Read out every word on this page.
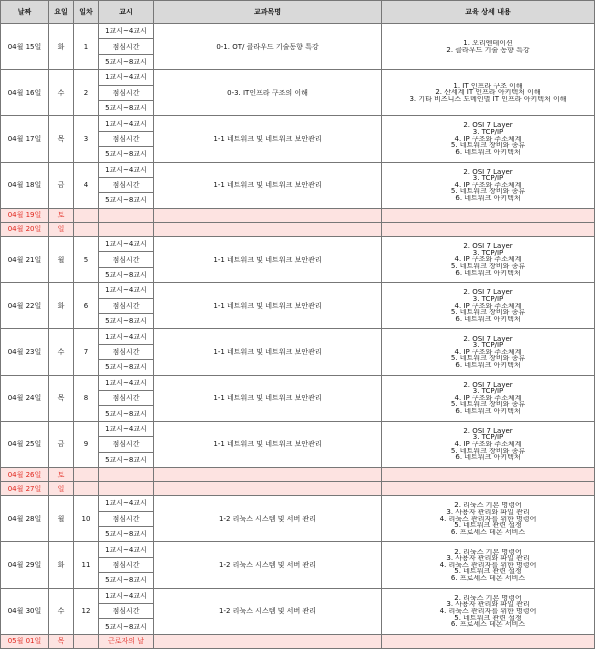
날짜	요일	일차	교시	교과목명	교육 상세 내용
04월 15일	화	1	1교시~4교시	0-1. OT/ 클라우드 기술동향 특강	1. 오리엔테이션
2. 클라우드 기술 동향 특강

			점심시간		
			5교시~8교시		
04월 16일	수	2	1교시~4교시	0-3. IT인프라 구조의 이해	1. IT 인프라 구조 이해
2. 산세계 IT 인프라 아키텍처 이해
3. 기타 비즈니스 도메인별 IT 인프라 아키텍처 이해

			점심시간		
			5교시~8교시		
04월 17일	목	3	1교시~4교시	1-1 네트워크 및 네트워크 보안관리	2. OSI 7 Layer
3. TCP/IP
4. IP 구조와 주소체계
5. 네트워크 장비와 종류
6. 네트워크 아키텍처

			점심시간		
			5교시~8교시		
04월 18일	금	4	1교시~4교시	1-1 네트워크 및 네트워크 보안관리	2. OSI 7 Layer
3. TCP/IP
4. IP 구조와 주소체계
5. 네트워크 장비와 종류
6. 네트워크 아키텍처

			점심시간		
			5교시~8교시		
04월 19일	토				
04월 20일	일				
04월 21일	월	5	1교시~4교시	1-1 네트워크 및 네트워크 보안관리	2. OSI 7 Layer
3. TCP/IP
4. IP 구조와 주소체계
5. 네트워크 장비와 종류
6. 네트워크 아키텍처

			점심시간		
			5교시~8교시		
04월 22일	화	6	1교시~4교시	1-1 네트워크 및 네트워크 보안관리	2. OSI 7 Layer
3. TCP/IP
4. IP 구조와 주소체계
5. 네트워크 장비와 종류
6. 네트워크 아키텍처

			점심시간		
			5교시~8교시		
04월 23일	수	7	1교시~4교시	1-1 네트워크 및 네트워크 보안관리	2. OSI 7 Layer
3. TCP/IP
4. IP 구조와 주소체계
5. 네트워크 장비와 종류
6. 네트워크 아키텍처

			점심시간		
			5교시~8교시		
04월 24일	목	8	1교시~4교시	1-1 네트워크 및 네트워크 보안관리	2. OSI 7 Layer
3. TCP/IP
4. IP 구조와 주소체계
5. 네트워크 장비와 종류
6. 네트워크 아키텍처

			점심시간		
			5교시~8교시		
04월 25일	금	9	1교시~4교시	1-1 네트워크 및 네트워크 보안관리	2. OSI 7 Layer
3. TCP/IP
4. IP 구조와 주소체계
5. 네트워크 장비와 종류
6. 네트워크 아키텍처

			점심시간		
			5교시~8교시		
04월 26일	토				
04월 27일	일				
04월 28일	월	10	1교시~4교시	1-2 리눅스 시스템 및 서버 관리	2. 리눅스 기본 명령어
3. 사용자 관리와 파일 관리
4. 리눅스 관리자를 위한 명령어
5. 네트워크 관련 설정
6. 프로세스 데몬 서비스

			점심시간		
			5교시~8교시		
04월 29일	화	11	1교시~4교시	1-2 리눅스 시스템 및 서버 관리	2. 리눅스 기본 명령어
3. 사용자 관리와 파일 관리
4. 리눅스 관리자를 위한 명령어
5. 네트워크 관련 설정
6. 프로세스 데몬 서비스

			점심시간		
			5교시~8교시		
04월 30일	수	12	1교시~4교시	1-2 리눅스 시스템 및 서버 관리	2. 리눅스 기본 명령어
3. 사용자 관리와 파일 관리
4. 리눅스 관리자를 위한 명령어
5. 네트워크 관련 설정
6. 프로세스 데몬 서비스

			점심시간		
			5교시~8교시		
05월 01일	목		근로자의 날		
